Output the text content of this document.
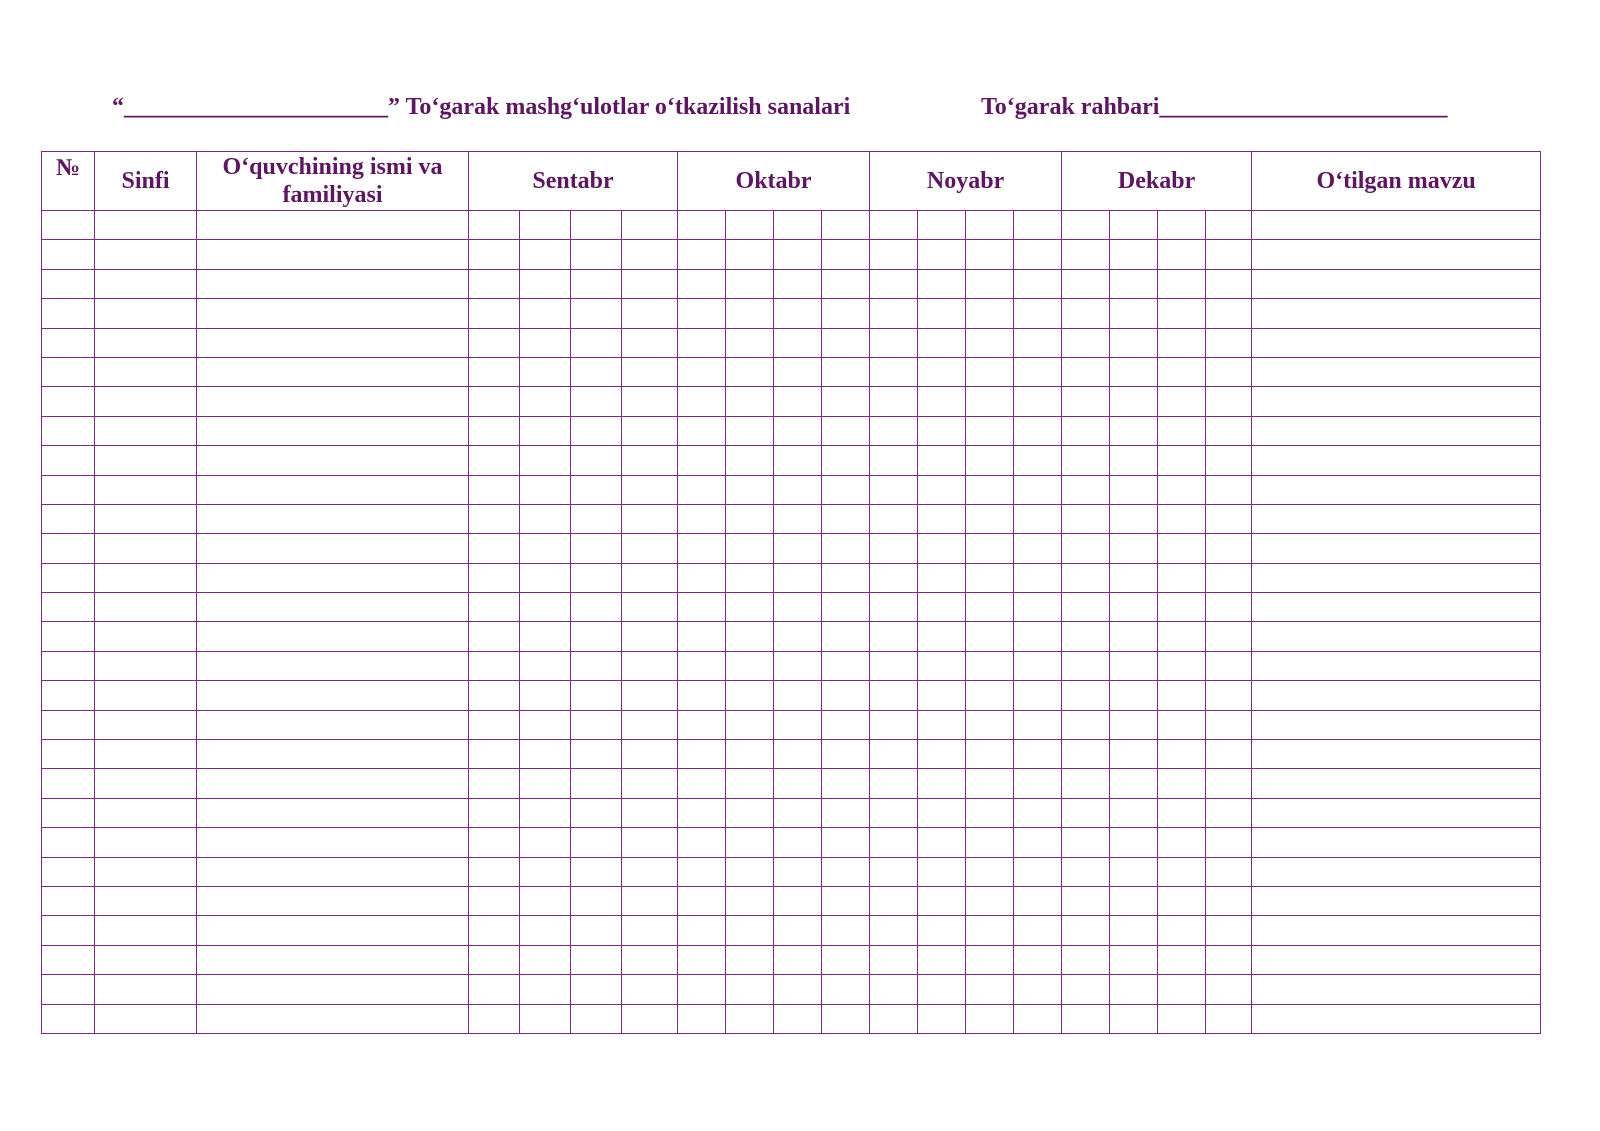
“______________________” To‘garak mashg‘ulotlar o‘tkazilish sanalari	To‘garak rahbari________________________
№	Sinfi	O‘quvchining ismi va familiyasi	Sentabr				Oktabr				Noyabr				Dekabr				O‘tilgan mavzu
